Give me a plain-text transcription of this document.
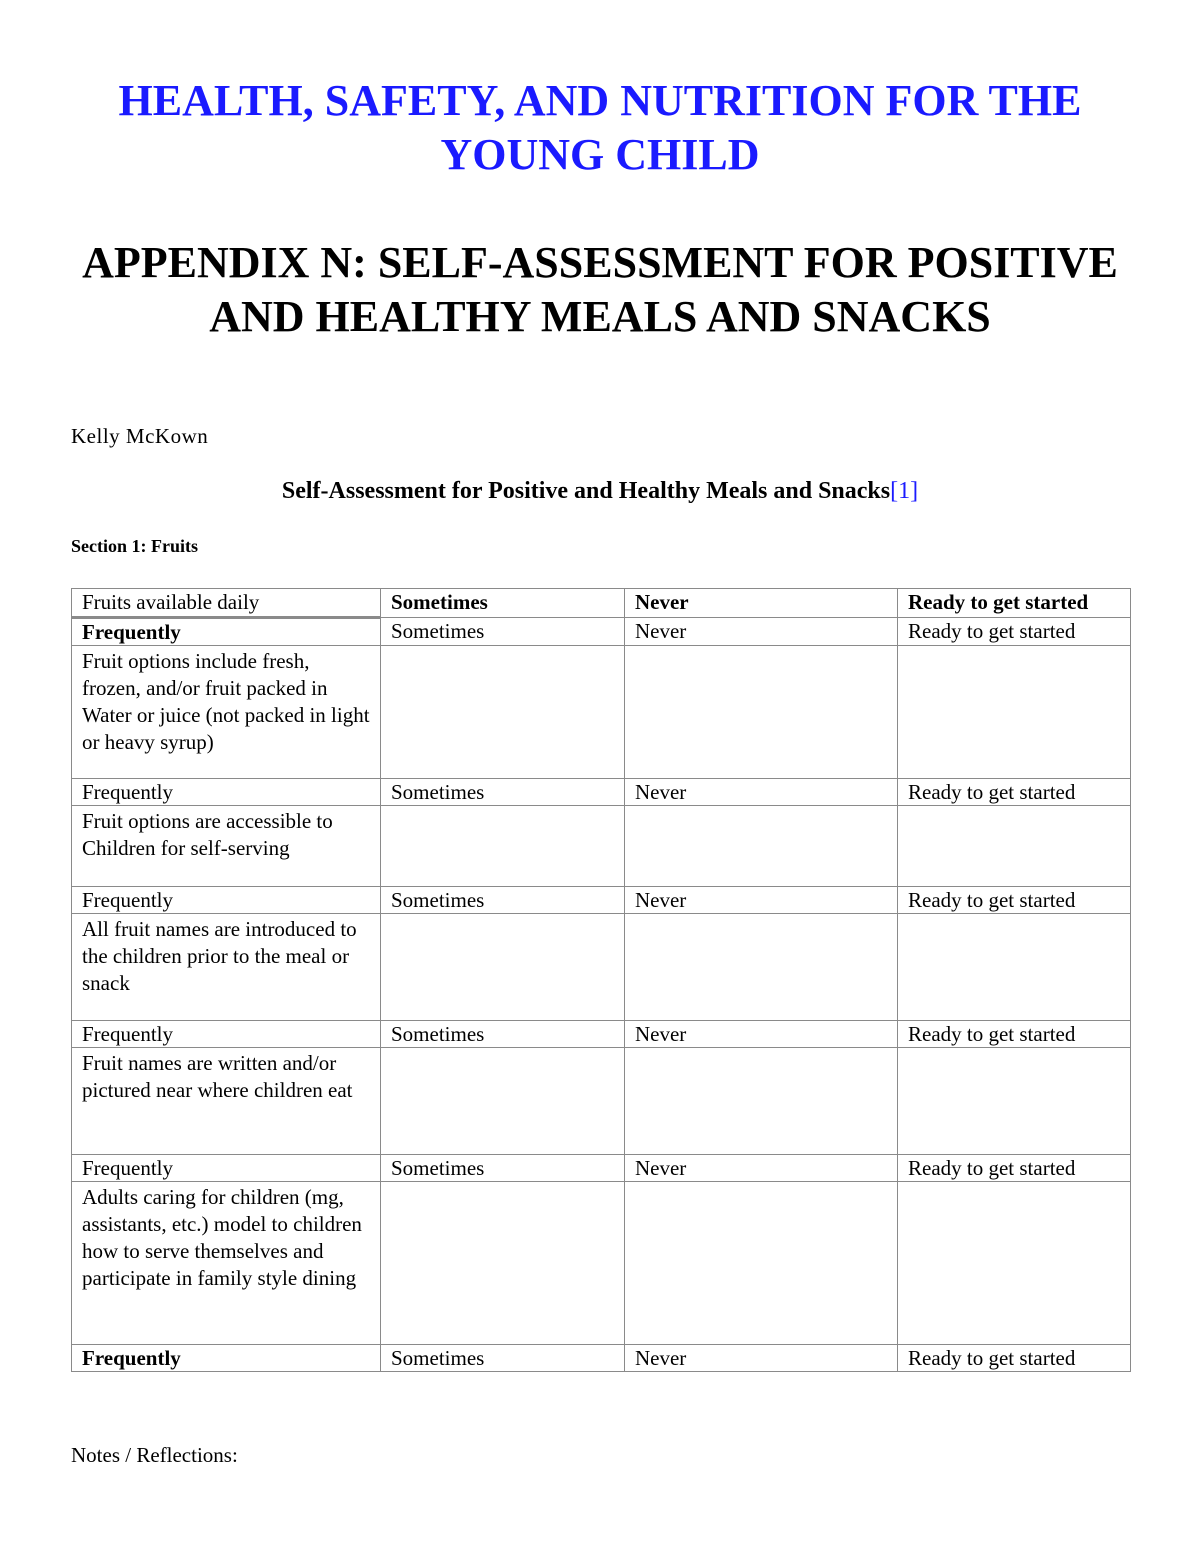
HEALTH, SAFETY, AND NUTRITION FOR THE YOUNG CHILD
APPENDIX N: SELF-ASSESSMENT FOR POSITIVE AND HEALTHY MEALS AND SNACKS
Kelly McKown
Self-Assessment for Positive and Healthy Meals and Snacks[1]
Section 1: Fruits
Fruits available daily	Sometimes	Never	Ready to get started
Frequently	Sometimes	Never	Ready to get started
Fruit options include fresh, frozen, and/or fruit packed in Water or juice (not packed in light or heavy syrup)			
Frequently	Sometimes	Never	Ready to get started
Fruit options are accessible to Children for self-serving			
Frequently	Sometimes	Never	Ready to get started
All fruit names are introduced to the children prior to the meal or snack			
Frequently	Sometimes	Never	Ready to get started
Fruit names are written and/or pictured near where children eat			
Frequently	Sometimes	Never	Ready to get started
Adults caring for children (mg, assistants, etc.) model to children how to serve themselves and participate in family style dining			
Frequently	Sometimes	Never	Ready to get started
Notes / Reflections:
